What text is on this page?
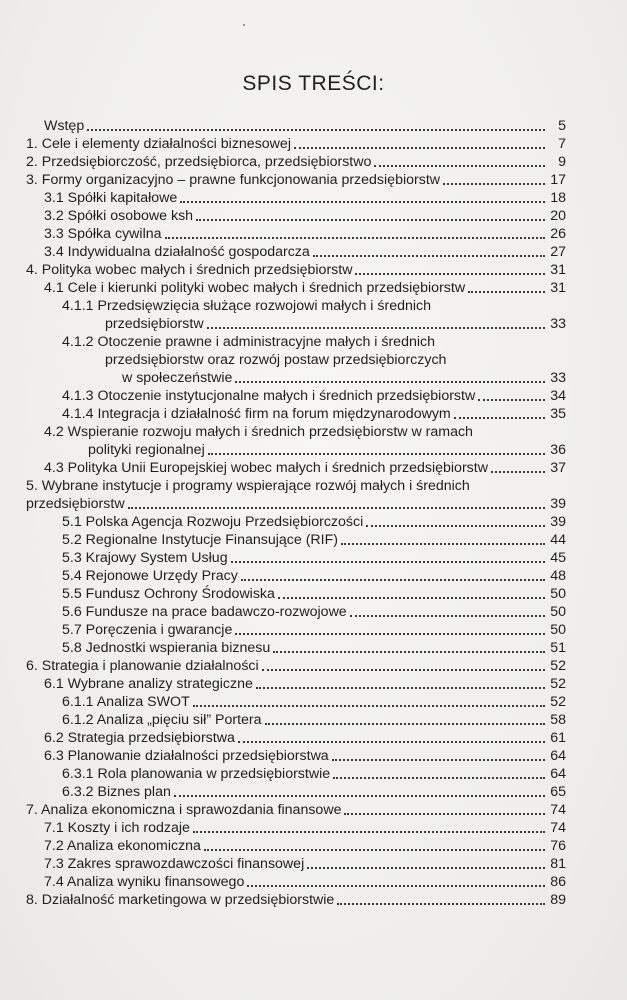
SPIS TREŚCI:
Wstęp	5
1. Cele i elementy działalności biznesowej	7
2. Przedsiębiorczość, przedsiębiorca, przedsiębiorstwo	9
3. Formy organizacyjno – prawne funkcjonowania przedsiębiorstw	17
3.1 Spółki kapitałowe	18
3.2 Spółki osobowe ksh	20
3.3 Spółka cywilna	26
3.4 Indywidualna działalność gospodarcza	27
4. Polityka wobec małych i średnich przedsiębiorstw	31
4.1 Cele i kierunki polityki wobec małych i średnich przedsiębiorstw	31
4.1.1 Przedsięwzięcia służące rozwojowi małych i średnich
przedsiębiorstw	33
4.1.2 Otoczenie prawne i administracyjne małych i średnich
przedsiębiorstw oraz rozwój postaw przedsiębiorczych
w społeczeństwie	33
4.1.3 Otoczenie instytucjonalne małych i średnich przedsiębiorstw	34
4.1.4 Integracja i działalność firm na forum międzynarodowym	35
4.2 Wspieranie rozwoju małych i średnich przedsiębiorstw w ramach
polityki regionalnej	36
4.3 Polityka Unii Europejskiej wobec małych i średnich przedsiębiorstw	37
5. Wybrane instytucje i programy wspierające rozwój małych i średnich
przedsiębiorstw	39
5.1 Polska Agencja Rozwoju Przedsiębiorczości	39
5.2 Regionalne Instytucje Finansujące (RIF)	44
5.3 Krajowy System Usług	45
5.4 Rejonowe Urzędy Pracy	48
5.5 Fundusz Ochrony Środowiska	50
5.6 Fundusze na prace badawczo-rozwojowe	50
5.7 Poręczenia i gwarancje	50
5.8 Jednostki wspierania biznesu	51
6. Strategia i planowanie działalności	52
6.1 Wybrane analizy strategiczne	52
6.1.1 Analiza SWOT	52
6.1.2 Analiza „pięciu sił” Portera	58
6.2 Strategia przedsiębiorstwa	61
6.3 Planowanie działalności przedsiębiorstwa	64
6.3.1 Rola planowania w przedsiębiorstwie	64
6.3.2 Biznes plan	65
7. Analiza ekonomiczna i sprawozdania finansowe	74
7.1 Koszty i ich rodzaje	74
7.2 Analiza ekonomiczna	76
7.3 Zakres sprawozdawczości finansowej	81
7.4 Analiza wyniku finansowego	86
8. Działalność marketingowa w przedsiębiorstwie	89
